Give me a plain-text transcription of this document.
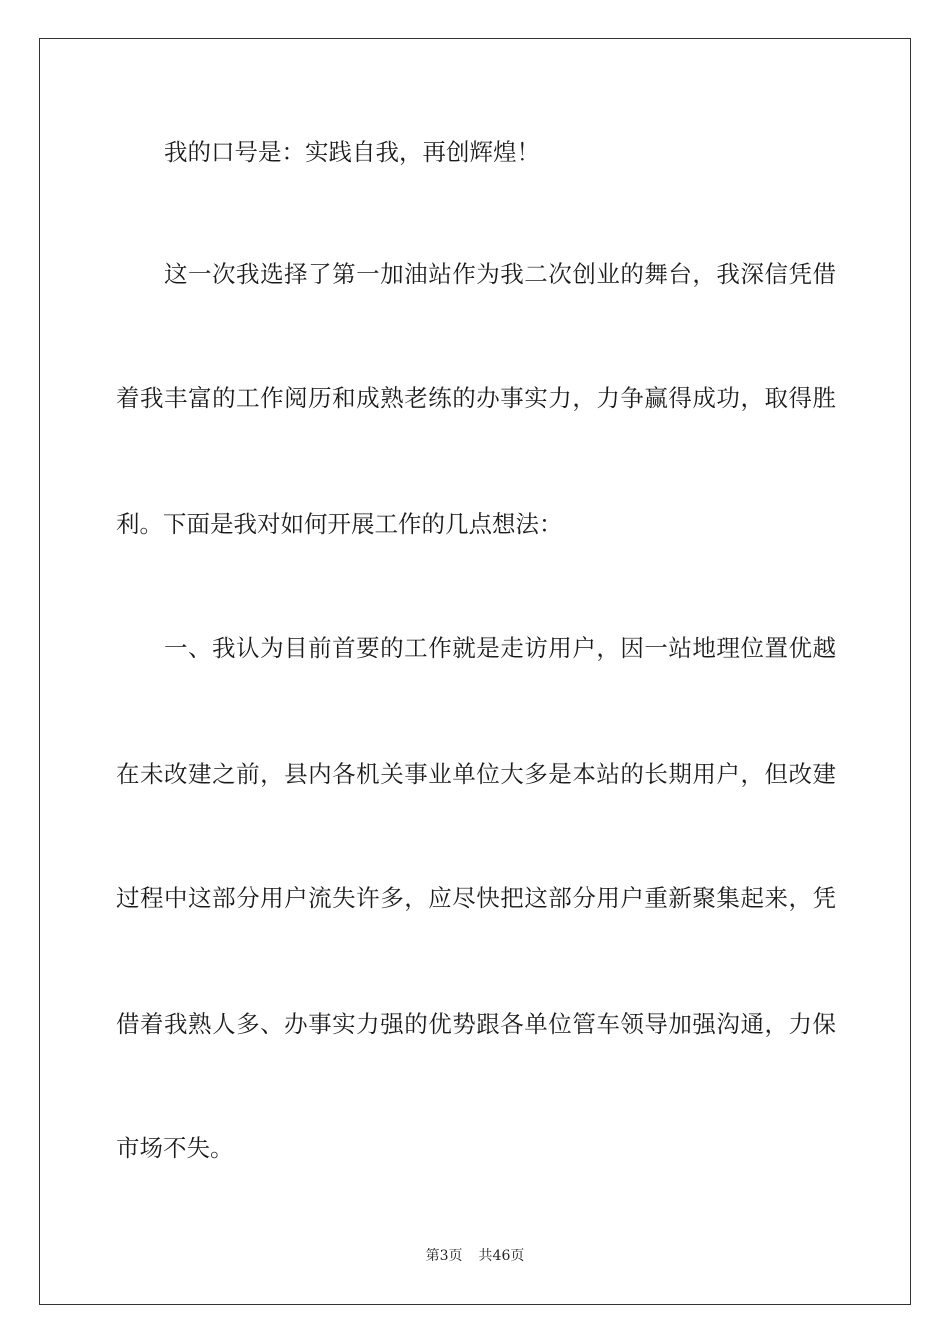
我的口号是：实践自我，再创辉煌！
这一次我选择了第一加油站作为我二次创业的舞台，我深信凭借
着我丰富的工作阅历和成熟老练的办事实力，力争赢得成功，取得胜
利。下面是我对如何开展工作的几点想法：
一、我认为目前首要的工作就是走访用户，因一站地理位置优越
在未改建之前，县内各机关事业单位大多是本站的长期用户，但改建
过程中这部分用户流失许多，应尽快把这部分用户重新聚集起来，凭
借着我熟人多、办事实力强的优势跟各单位管车领导加强沟通，力保
市场不失。
第3页 共46页
